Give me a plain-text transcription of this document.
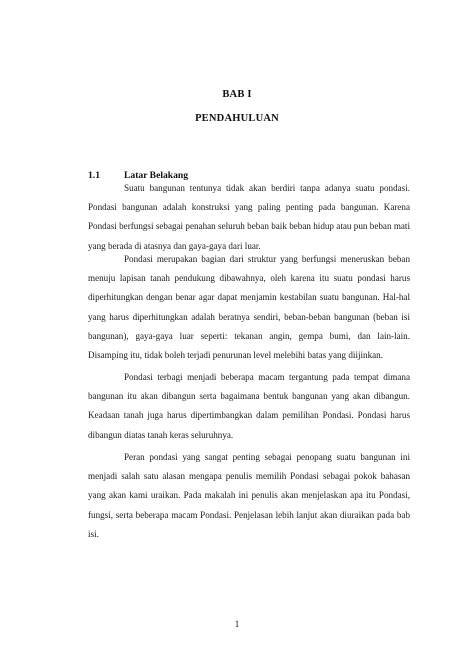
BAB I
PENDAHULUAN
1.1	Latar Belakang

Suatu bangunan tentunya tidak akan berdiri tanpa adanya suatu pondasi. Pondasi bangunan adalah konstruksi yang paling penting pada bangunan. Karena Pondasi berfungsi sebagai penahan seluruh beban baik beban hidup atau pun beban mati yang berada di atasnya dan gaya-gaya dari luar.

Pondasi merupakan bagian dari struktur yang berfungsi meneruskan beban menuju lapisan tanah pendukung dibawahnya, oleh karena itu suatu pondasi harus diperhitungkan dengan benar agar dapat menjamin kestabilan suatu bangunan. Hal-hal yang harus diperhitungkan adalah beratnya sendiri, beban-beban bangunan (beban isi bangunan), gaya-gaya luar seperti: tekanan angin, gempa bumi, dan lain-lain. Disamping itu, tidak boleh terjadi penurunan level melebihi batas yang diijinkan.

Pondasi terbagi menjadi beberapa macam tergantung pada tempat dimana bangunan itu akan dibangun serta bagaimana bentuk bangunan yang akan dibangun. Keadaan tanah juga harus dipertimbangkan dalam pemilihan Pondasi. Pondasi harus dibangun diatas tanah keras seluruhnya.

Peran pondasi yang sangat penting sebagai penopang suatu bangunan ini menjadi salah satu alasan mengapa penulis memilih Pondasi sebagai pokok bahasan yang akan kami uraikan. Pada makalah ini penulis akan menjelaskan apa itu Pondasi, fungsi, serta beberapa macam Pondasi. Penjelasan lebih lanjut akan diuraikan pada bab isi.

1
